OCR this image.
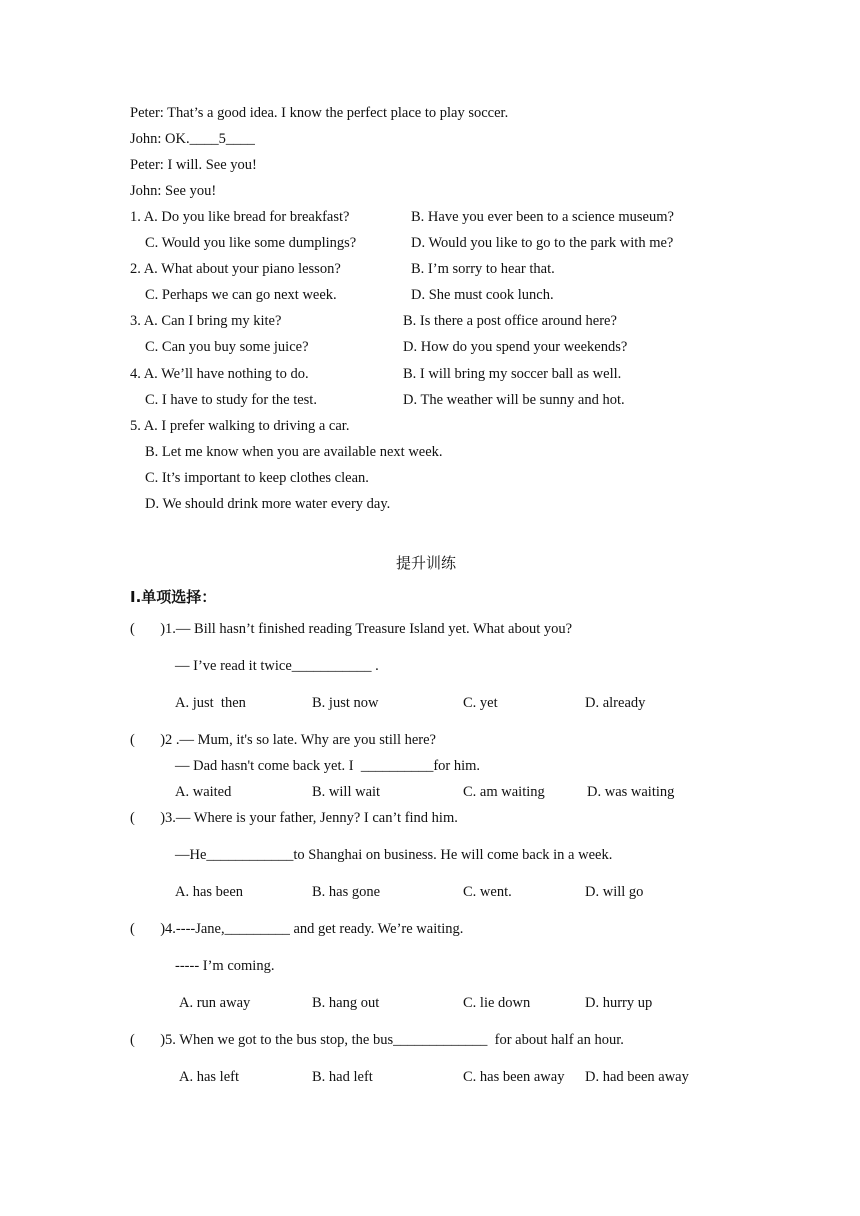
Peter: That’s a good idea. I know the perfect place to play soccer.
John: OK.____5____
Peter: I will. See you!
John: See you!
1. A. Do you like bread for breakfast?	B. Have you ever been to a science museum?
C. Would you like some dumplings?	D. Would you like to go to the park with me?
2. A. What about your piano lesson?	B. I’m sorry to hear that.
C. Perhaps we can go next week.	D. She must cook lunch.
3. A. Can I bring my kite?	B. Is there a post office around here?
C. Can you buy some juice?	D. How do you spend your weekends?
4. A. We’ll have nothing to do.	B. I will bring my soccer ball as well.
C. I have to study for the test.	D. The weather will be sunny and hot.
5. A. I prefer walking to driving a car.
B. Let me know when you are available next week.
C. It’s important to keep clothes clean.
D. We should drink more water every day.
提升训练
I.单项选择：
(       )1.— Bill hasn’t finished reading Treasure Island yet. What about you?
— I’ve read it twice___________ .
A. just  then	B. just now	C. yet	D. already
(       )2 .— Mum, it's so late. Why are you still here?
— Dad hasn't come back yet. I  __________for him.
A. waited	B. will wait	C. am waiting	D. was waiting
(       )3.— Where is your father, Jenny? I can’t find him.
—He____________to Shanghai on business. He will come back in a week.
A. has been	B. has gone	C. went.	D. will go
(       )4.----Jane,_________ and get ready. We’re waiting.
----- I’m coming.
A. run away	B. hang out	C. lie down	D. hurry up
(       )5. When we got to the bus stop, the bus_____________  for about half an hour.
A. has left	B. had left	C. has been away D. had been away
